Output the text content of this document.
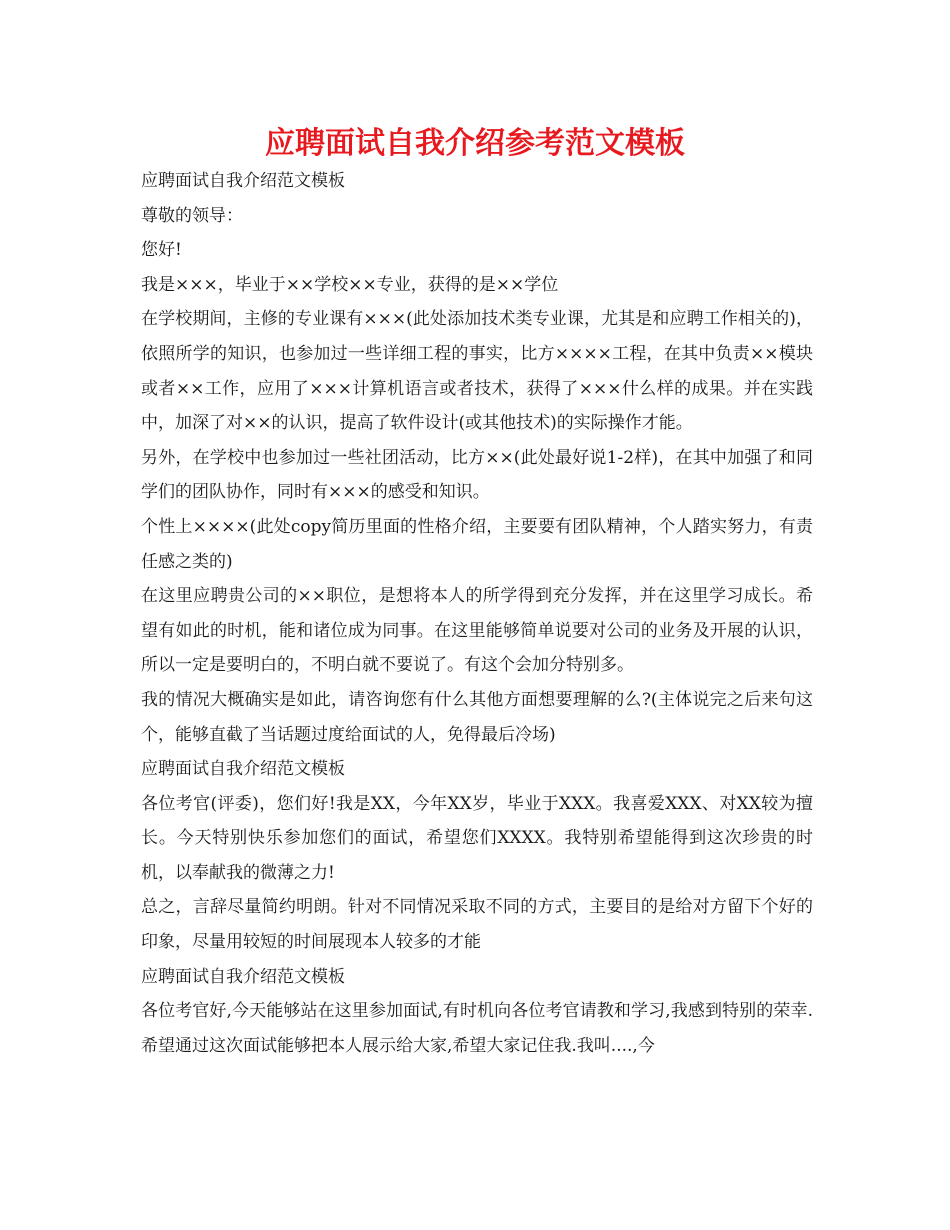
应聘面试自我介绍参考范文模板

应聘面试自我介绍范文模板

尊敬的领导：

您好!

我是×××，毕业于××学校××专业，获得的是××学位

在学校期间，主修的专业课有×××(此处添加技术类专业课，尤其是和应聘工作相关的)，依照所学的知识，也参加过一些详细工程的事实，比方××××工程，在其中负责××模块或者××工作，应用了×××计算机语言或者技术，获得了×××什么样的成果。并在实践中，加深了对××的认识，提高了软件设计(或其他技术)的实际操作才能。

另外，在学校中也参加过一些社团活动，比方××(此处最好说1-2样)，在其中加强了和同学们的团队协作，同时有×××的感受和知识。

个性上××××(此处copy简历里面的性格介绍，主要要有团队精神，个人踏实努力，有责任感之类的)

在这里应聘贵公司的××职位，是想将本人的所学得到充分发挥，并在这里学习成长。希望有如此的时机，能和诸位成为同事。在这里能够简单说要对公司的业务及开展的认识，所以一定是要明白的，不明白就不要说了。有这个会加分特别多。

我的情况大概确实是如此，请咨询您有什么其他方面想要理解的么?(主体说完之后来句这个，能够直截了当话题过度给面试的人，免得最后冷场)

应聘面试自我介绍范文模板

各位考官(评委)，您们好!我是XX，今年XX岁，毕业于XXX。我喜爱XXX、对XX较为擅长。今天特别快乐参加您们的面试，希望您们XXXX。我特别希望能得到这次珍贵的时机，以奉献我的微薄之力!

总之，言辞尽量简约明朗。针对不同情况采取不同的方式，主要目的是给对方留下个好的印象，尽量用较短的时间展现本人较多的才能

应聘面试自我介绍范文模板

各位考官好,今天能够站在这里参加面试,有时机向各位考官请教和学习,我感到特别的荣幸.希望通过这次面试能够把本人展示给大家,希望大家记住我.我叫....,今
